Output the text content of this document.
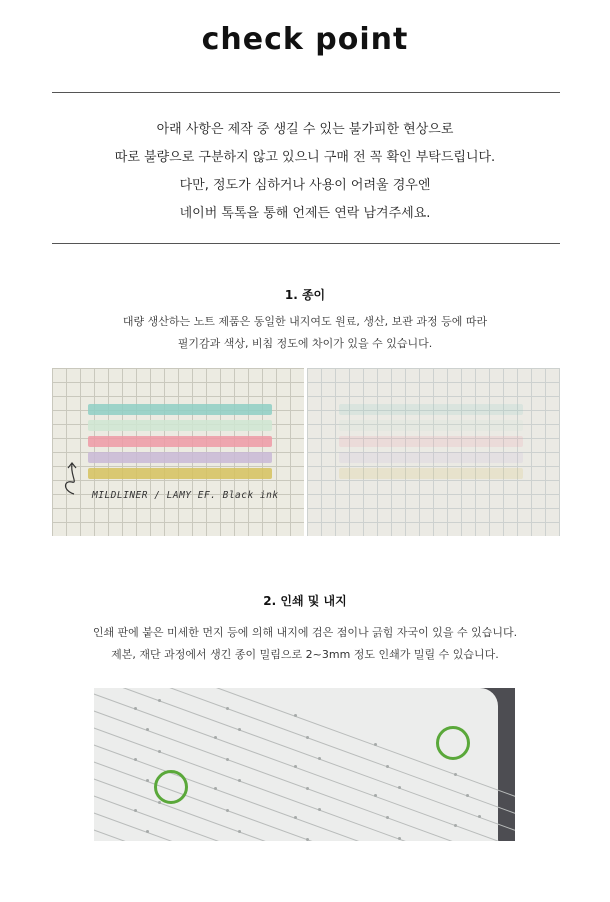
check point

아래 사항은 제작 중 생길 수 있는 불가피한 현상으로

따로 불량으로 구분하지 않고 있으니 구매 전 꼭 확인 부탁드립니다.

다만, 정도가 심하거나 사용이 어려울 경우엔

네이버 톡톡을 통해 언제든 연락 남겨주세요.

1. 종이

대량 생산하는 노트 제품은 동일한 내지여도 원료, 생산, 보관 과정 등에 따라

필기감과 색상, 비침 정도에 차이가 있을 수 있습니다.

MILDLINER / LAMY EF. Black ink
2. 인쇄 및 내지

인쇄 판에 붙은 미세한 먼지 등에 의해 내지에 검은 점이나 긁힘 자국이 있을 수 있습니다.

제본, 재단 과정에서 생긴 종이 밀림으로 2~3mm 정도 인쇄가 밀릴 수 있습니다.
